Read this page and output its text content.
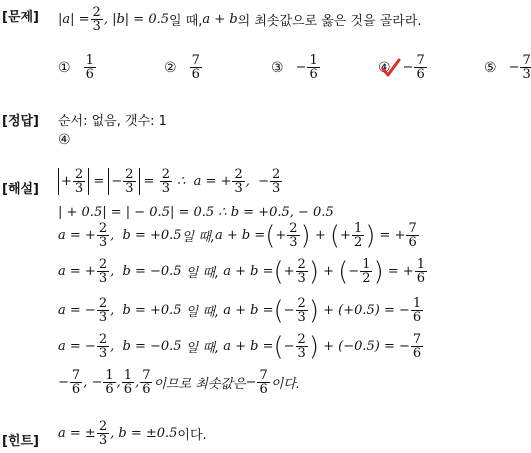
[문제] $|a| = \frac{2}{3}$ , |b| = 0.5 일 때, a + b 의 최솟값으로 옳은 것을 골라라.
① $\frac{1}{6}$	② $\frac{7}{6}$	③ − $\frac{1}{6}$	④ − $\frac{7}{6}$	⑤ − $\frac{7}{3}$
[정답] 순서: 없음, 갯수: 1
④
[해설]
+ $\frac{2}{3}$ = − $\frac{2}{3} = \frac{2}{3}$ ∴  a = + $\frac{2}{3}$ ,  − $\frac{2}{3}$
| + 0.5| = | − 0.5| = 0.5 ∴ b = +0.5, − 0.5
a = + $\frac{2}{3}$ ,  b = +0.5 일 때, a + b = ( + $\frac{2}{3}$ ) + ( + $\frac{1}{2}$ ) = + $\frac{7}{6}$
a = + $\frac{2}{3}$ ,  b = −0.5 일 때, a + b = ( + $\frac{2}{3}$ ) + ( − $\frac{1}{2}$ ) = + $\frac{1}{6}$
a = − $\frac{2}{3}$ ,  b = +0.5 일 때, a + b = ( − $\frac{2}{3}$ ) + (+0.5) = − $\frac{1}{6}$
a = − $\frac{2}{3}$ ,  b = −0.5 일 때, a + b = ( − $\frac{2}{3}$ ) + (−0.5) = − $\frac{7}{6}$
− $\frac{7}{6}$ , − $\frac{1}{6}$ , $\frac{1}{6}$ , $\frac{7}{6}$ 이므로 최솟값은 − $\frac{7}{6}$ 이다.
[힌트]
a = ± $\frac{2}{3}$ , b = ±0.5 이다.
